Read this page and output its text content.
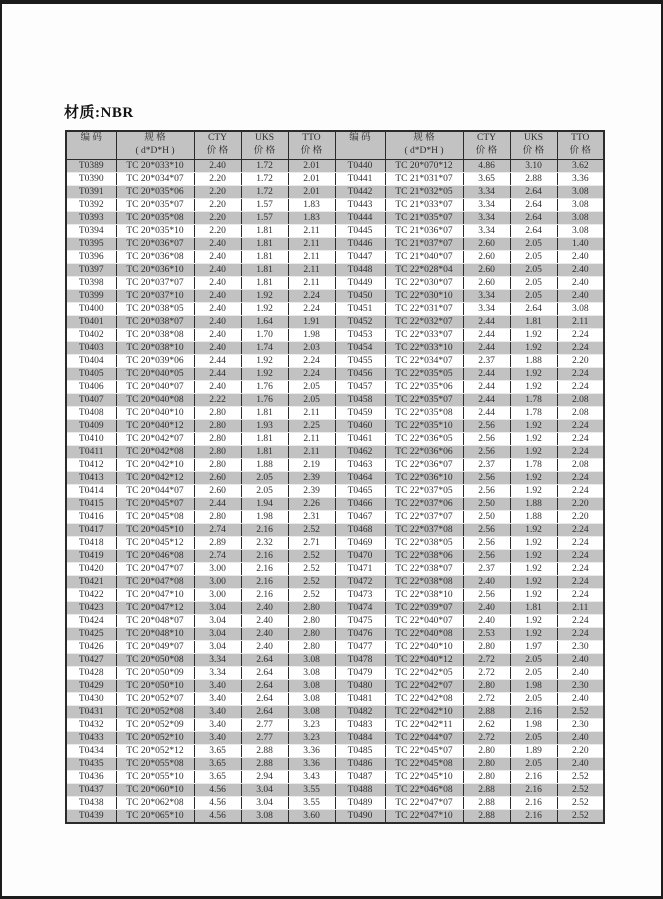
材质:NBR
编 码	规 格	CTY	UKS	TTO	编 码	规 格	CTY	UKS	TTO
	( d*D*H )	价 格	价 格	价 格		( d*D*H )	价 格	价 格	价 格
T0389	TC 20*033*10	2.40	1.72	2.01	T0440	TC 20*070*12	4.86	3.10	3.62
T0390	TC 20*034*07	2.20	1.72	2.01	T0441	TC 21*031*07	3.65	2.88	3.36
T0391	TC 20*035*06	2.20	1.72	2.01	T0442	TC 21*032*05	3.34	2.64	3.08
T0392	TC 20*035*07	2.20	1.57	1.83	T0443	TC 21*033*07	3.34	2.64	3.08
T0393	TC 20*035*08	2.20	1.57	1.83	T0444	TC 21*035*07	3.34	2.64	3.08
T0394	TC 20*035*10	2.20	1.81	2.11	T0445	TC 21*036*07	3.34	2.64	3.08
T0395	TC 20*036*07	2.40	1.81	2.11	T0446	TC 21*037*07	2.60	2.05	1.40
T0396	TC 20*036*08	2.40	1.81	2.11	T0447	TC 21*040*07	2.60	2.05	2.40
T0397	TC 20*036*10	2.40	1.81	2.11	T0448	TC 22*028*04	2.60	2.05	2.40
T0398	TC 20*037*07	2.40	1.81	2.11	T0449	TC 22*030*07	2.60	2.05	2.40
T0399	TC 20*037*10	2.40	1.92	2.24	T0450	TC 22*030*10	3.34	2.05	2.40
T0400	TC 20*038*05	2.40	1.92	2.24	T0451	TC 22*031*07	3.34	2.64	3.08
T0401	TC 20*038*07	2.40	1.64	1.91	T0452	TC 22*032*07	2.44	1.81	2.11
T0402	TC 20*038*08	2.40	1.70	1.98	T0453	TC 22*033*07	2.44	1.92	2.24
T0403	TC 20*038*10	2.40	1.74	2.03	T0454	TC 22*033*10	2.44	1.92	2.24
T0404	TC 20*039*06	2.44	1.92	2.24	T0455	TC 22*034*07	2.37	1.88	2.20
T0405	TC 20*040*05	2.44	1.92	2.24	T0456	TC 22*035*05	2.44	1.92	2.24
T0406	TC 20*040*07	2.40	1.76	2.05	T0457	TC 22*035*06	2.44	1.92	2.24
T0407	TC 20*040*08	2.22	1.76	2.05	T0458	TC 22*035*07	2.44	1.78	2.08
T0408	TC 20*040*10	2.80	1.81	2.11	T0459	TC 22*035*08	2.44	1.78	2.08
T0409	TC 20*040*12	2.80	1.93	2.25	T0460	TC 22*035*10	2.56	1.92	2.24
T0410	TC 20*042*07	2.80	1.81	2.11	T0461	TC 22*036*05	2.56	1.92	2.24
T0411	TC 20*042*08	2.80	1.81	2.11	T0462	TC 22*036*06	2.56	1.92	2.24
T0412	TC 20*042*10	2.80	1.88	2.19	T0463	TC 22*036*07	2.37	1.78	2.08
T0413	TC 20*042*12	2.60	2.05	2.39	T0464	TC 22*036*10	2.56	1.92	2.24
T0414	TC 20*044*07	2.60	2.05	2.39	T0465	TC 22*037*05	2.56	1.92	2.24
T0415	TC 20*045*07	2.44	1.94	2.26	T0466	TC 22*037*06	2.50	1.88	2.20
T0416	TC 20*045*08	2.80	1.98	2.31	T0467	TC 22*037*07	2.50	1.88	2.20
T0417	TC 20*045*10	2.74	2.16	2.52	T0468	TC 22*037*08	2.56	1.92	2.24
T0418	TC 20*045*12	2.89	2.32	2.71	T0469	TC 22*038*05	2.56	1.92	2.24
T0419	TC 20*046*08	2.74	2.16	2.52	T0470	TC 22*038*06	2.56	1.92	2.24
T0420	TC 20*047*07	3.00	2.16	2.52	T0471	TC 22*038*07	2.37	1.92	2.24
T0421	TC 20*047*08	3.00	2.16	2.52	T0472	TC 22*038*08	2.40	1.92	2.24
T0422	TC 20*047*10	3.00	2.16	2.52	T0473	TC 22*038*10	2.56	1.92	2.24
T0423	TC 20*047*12	3.04	2.40	2.80	T0474	TC 22*039*07	2.40	1.81	2.11
T0424	TC 20*048*07	3.04	2.40	2.80	T0475	TC 22*040*07	2.40	1.92	2.24
T0425	TC 20*048*10	3.04	2.40	2.80	T0476	TC 22*040*08	2.53	1.92	2.24
T0426	TC 20*049*07	3.04	2.40	2.80	T0477	TC 22*040*10	2.80	1.97	2.30
T0427	TC 20*050*08	3.34	2.64	3.08	T0478	TC 22*040*12	2.72	2.05	2.40
T0428	TC 20*050*09	3.34	2.64	3.08	T0479	TC 22*042*05	2.72	2.05	2.40
T0429	TC 20*050*10	3.40	2.64	3.08	T0480	TC 22*042*07	2.80	1.98	2.30
T0430	TC 20*052*07	3.40	2.64	3.08	T0481	TC 22*042*08	2.72	2.05	2.40
T0431	TC 20*052*08	3.40	2.64	3.08	T0482	TC 22*042*10	2.88	2.16	2.52
T0432	TC 20*052*09	3.40	2.77	3.23	T0483	TC 22*042*11	2.62	1.98	2.30
T0433	TC 20*052*10	3.40	2.77	3.23	T0484	TC 22*044*07	2.72	2.05	2.40
T0434	TC 20*052*12	3.65	2.88	3.36	T0485	TC 22*045*07	2.80	1.89	2.20
T0435	TC 20*055*08	3.65	2.88	3.36	T0486	TC 22*045*08	2.80	2.05	2.40
T0436	TC 20*055*10	3.65	2.94	3.43	T0487	TC 22*045*10	2.80	2.16	2.52
T0437	TC 20*060*10	4.56	3.04	3.55	T0488	TC 22*046*08	2.88	2.16	2.52
T0438	TC 20*062*08	4.56	3.04	3.55	T0489	TC 22*047*07	2.88	2.16	2.52
T0439	TC 20*065*10	4.56	3.08	3.60	T0490	TC 22*047*10	2.88	2.16	2.52
